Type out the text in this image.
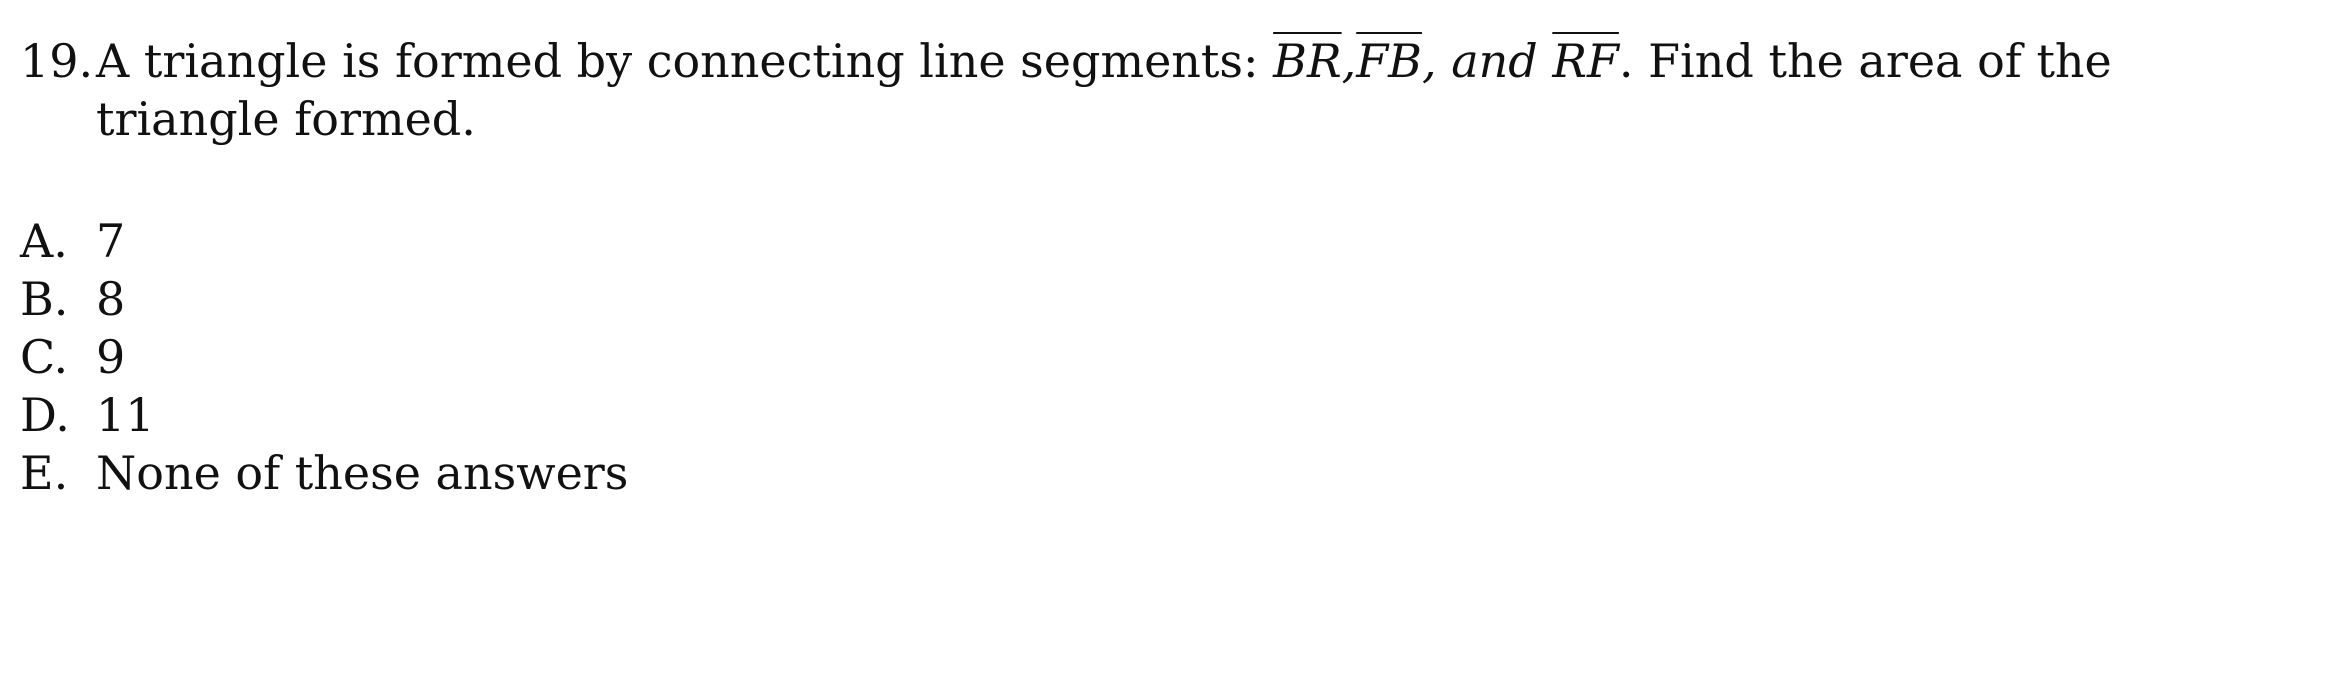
19. A triangle is formed by connecting line segments: $\overline{BR},\overline{FB}$, and $\overline{RF}$. Find the area of the triangle formed.
A. 7
B. 8
C. 9
D. 11
E. None of these answers
